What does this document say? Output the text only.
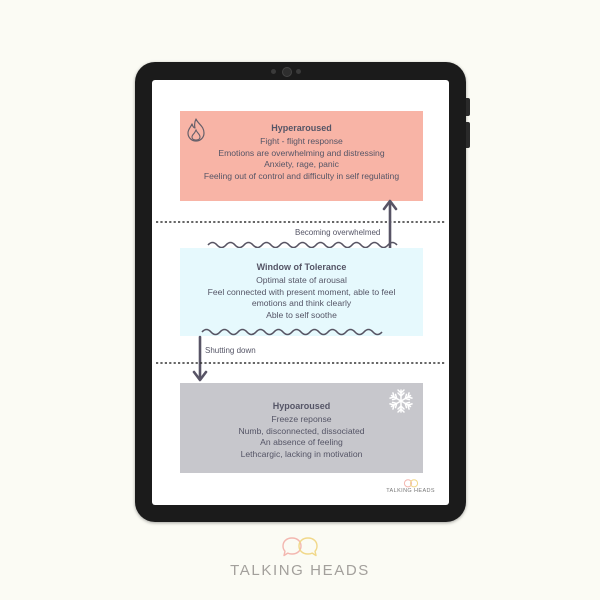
Hyperaroused
Fight - flight response
Emotions are overwhelming and distressing
Anxiety, rage, panic
Feeling out of control and difficulty in self regulating
Becoming overwhelmed
Window of Tolerance
Optimal state of arousal
Feel connected with present moment, able to feel
emotions and think clearly
Able to self soothe
Shutting down
Hypoaroused
Freeze reponse
Numb, disconnected, dissociated
An absence of feeling
Lethcargic, lacking in motivation
TALKING HEADS
TALKING HEADS
